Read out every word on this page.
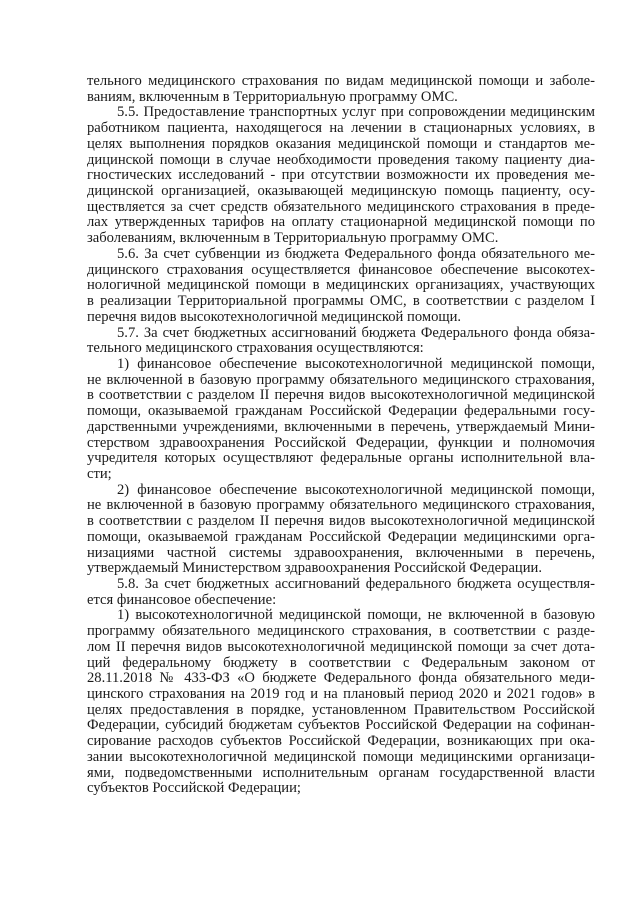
тельного медицинского страхования по видам медицинской помощи и заболе-
ваниям, включенным в Территориальную программу ОМС.
5.5. Предоставление транспортных услуг при сопровождении медицинским
работником пациента, находящегося на лечении в стационарных условиях, в
целях выполнения порядков оказания медицинской помощи и стандартов ме-
дицинской помощи в случае необходимости проведения такому пациенту диа-
гностических исследований - при отсутствии возможности их проведения ме-
дицинской организацией, оказывающей медицинскую помощь пациенту, осу-
ществляется за счет средств обязательного медицинского страхования в преде-
лах утвержденных тарифов на оплату стационарной медицинской помощи по
заболеваниям, включенным в Территориальную программу ОМС.
5.6. За счет субвенции из бюджета Федерального фонда обязательного ме-
дицинского страхования осуществляется финансовое обеспечение высокотех-
нологичной медицинской помощи в медицинских организациях, участвующих
в реализации Территориальной программы ОМС, в соответствии с разделом I
перечня видов высокотехнологичной медицинской помощи.
5.7. За счет бюджетных ассигнований бюджета Федерального фонда обяза-
тельного медицинского страхования осуществляются:
1) финансовое обеспечение высокотехнологичной медицинской помощи,
не включенной в базовую программу обязательного медицинского страхования,
в соответствии с разделом II перечня видов высокотехнологичной медицинской
помощи, оказываемой гражданам Российской Федерации федеральными госу-
дарственными учреждениями, включенными в перечень, утверждаемый Мини-
стерством здравоохранения Российской Федерации, функции и полномочия
учредителя которых осуществляют федеральные органы исполнительной вла-
сти;
2) финансовое обеспечение высокотехнологичной медицинской помощи,
не включенной в базовую программу обязательного медицинского страхования,
в соответствии с разделом II перечня видов высокотехнологичной медицинской
помощи, оказываемой гражданам Российской Федерации медицинскими орга-
низациями частной системы здравоохранения, включенными в перечень,
утверждаемый Министерством здравоохранения Российской Федерации.
5.8. За счет бюджетных ассигнований федерального бюджета осуществля-
ется финансовое обеспечение:
1) высокотехнологичной медицинской помощи, не включенной в базовую
программу обязательного медицинского страхования, в соответствии с разде-
лом II перечня видов высокотехнологичной медицинской помощи за счет дота-
ций федеральному бюджету в соответствии с Федеральным законом от
28.11.2018 № 433-ФЗ «О бюджете Федерального фонда обязательного меди-
цинского страхования на 2019 год и на плановый период 2020 и 2021 годов» в
целях предоставления в порядке, установленном Правительством Российской
Федерации, субсидий бюджетам субъектов Российской Федерации на софинан-
сирование расходов субъектов Российской Федерации, возникающих при ока-
зании высокотехнологичной медицинской помощи медицинскими организаци-
ями, подведомственными исполнительным органам государственной власти
субъектов Российской Федерации;
